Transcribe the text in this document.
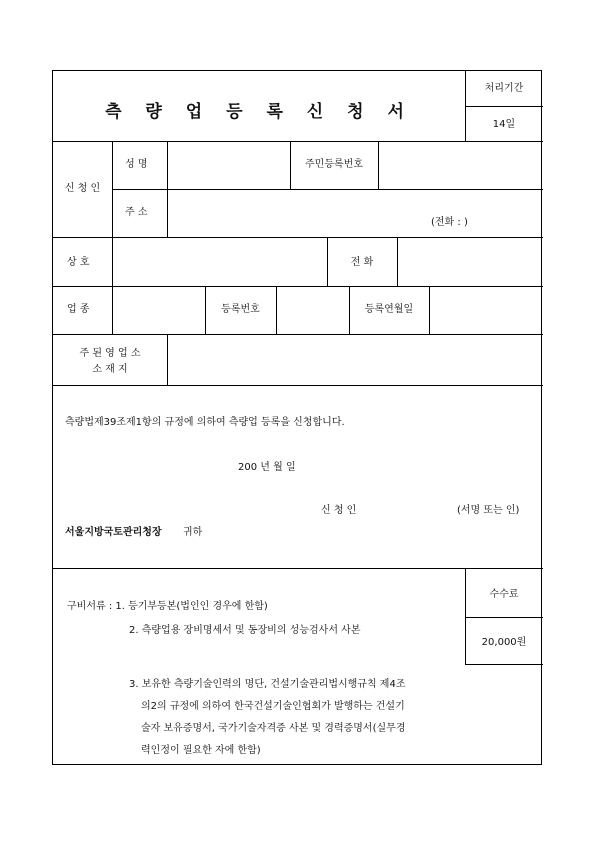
측 량 업 등 록 신 청 서
처리기간
14일
신 청 인
성 명	주민등록번호
주 소
(전화 : )
상 호	전 화
업 종	등록번호	등록연월일
주 된 영 업 소
소 재 지
측량법제39조제1항의 규정에 의하여 측량업 등록을 신청합니다.
200 년 월 일
신 청 인	(서명 또는 인)
서울지방국토관리청장 귀하
구비서류 : 1. 등기부등본(법인인 경우에 한함)
2. 측량업용 장비명세서 및 동장비의 성능검사서 사본
3. 보유한 측량기술인력의 명단, 건설기술관리법시행규칙 제4조
의2의 규정에 의하여 한국건설기술인협회가 발행하는 건설기
술자 보유증명서, 국가기술자격증 사본 및 경력증명서(실무경
력인정이 필요한 자에 한함)
수수료
20,000원
